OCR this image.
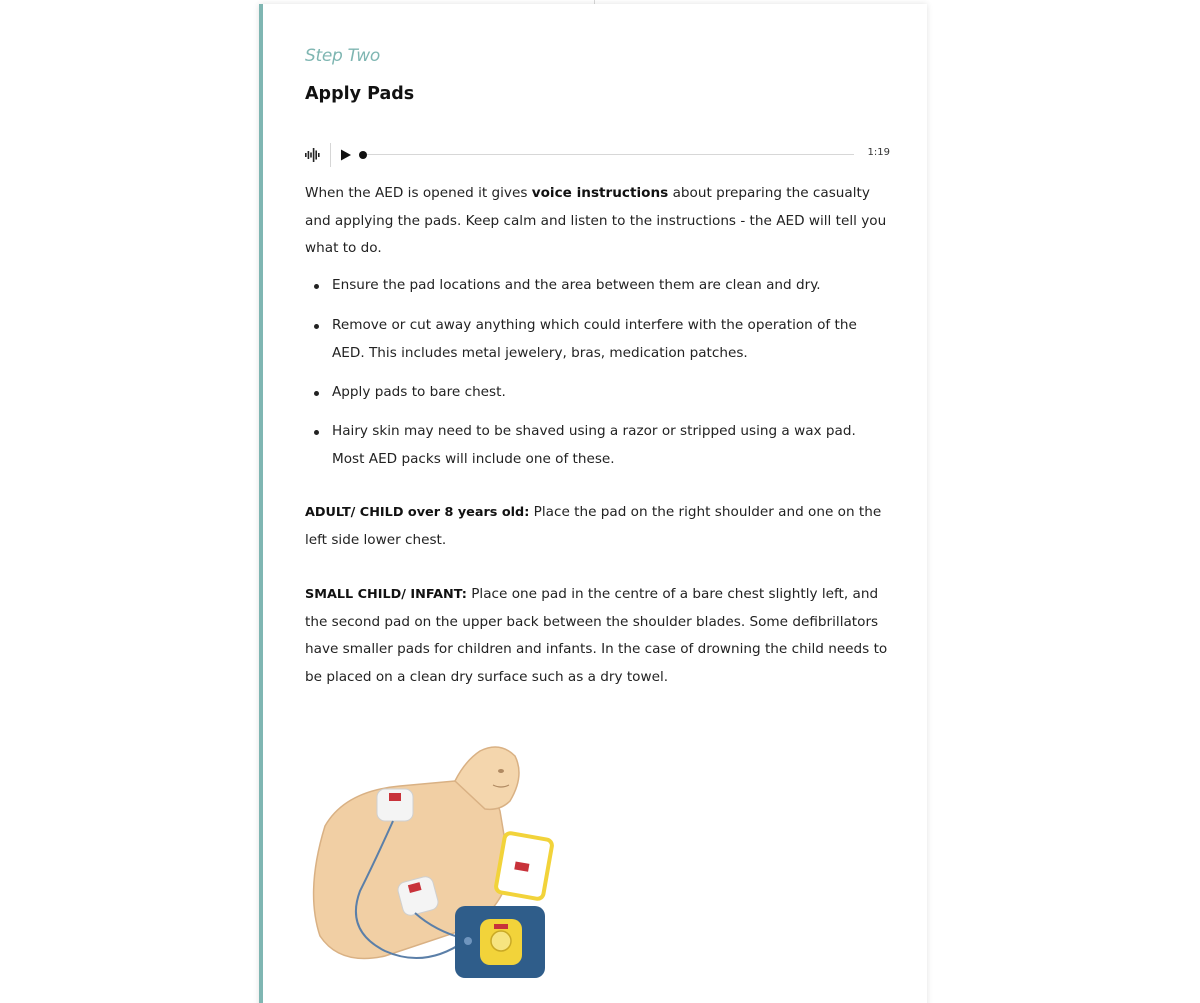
Step Two
Apply Pads
1:19

When the AED is opened it gives voice instructions about preparing the casualty and applying the pads. Keep calm and listen to the instructions - the AED will tell you what to do.

Ensure the pad locations and the area between them are clean and dry.
Remove or cut away anything which could interfere with the operation of the AED. This includes metal jewelery, bras, medication patches.
Apply pads to bare chest.
Hairy skin may need to be shaved using a razor or stripped using a wax pad. Most AED packs will include one of these.

ADULT/ CHILD over 8 years old: Place the pad on the right shoulder and one on the left side lower chest.

SMALL CHILD/ INFANT: Place one pad in the centre of a bare chest slightly left, and the second pad on the upper back between the shoulder blades. Some defibrillators have smaller pads for children and infants. In the case of drowning the child needs to be placed on a clean dry surface such as a dry towel.
